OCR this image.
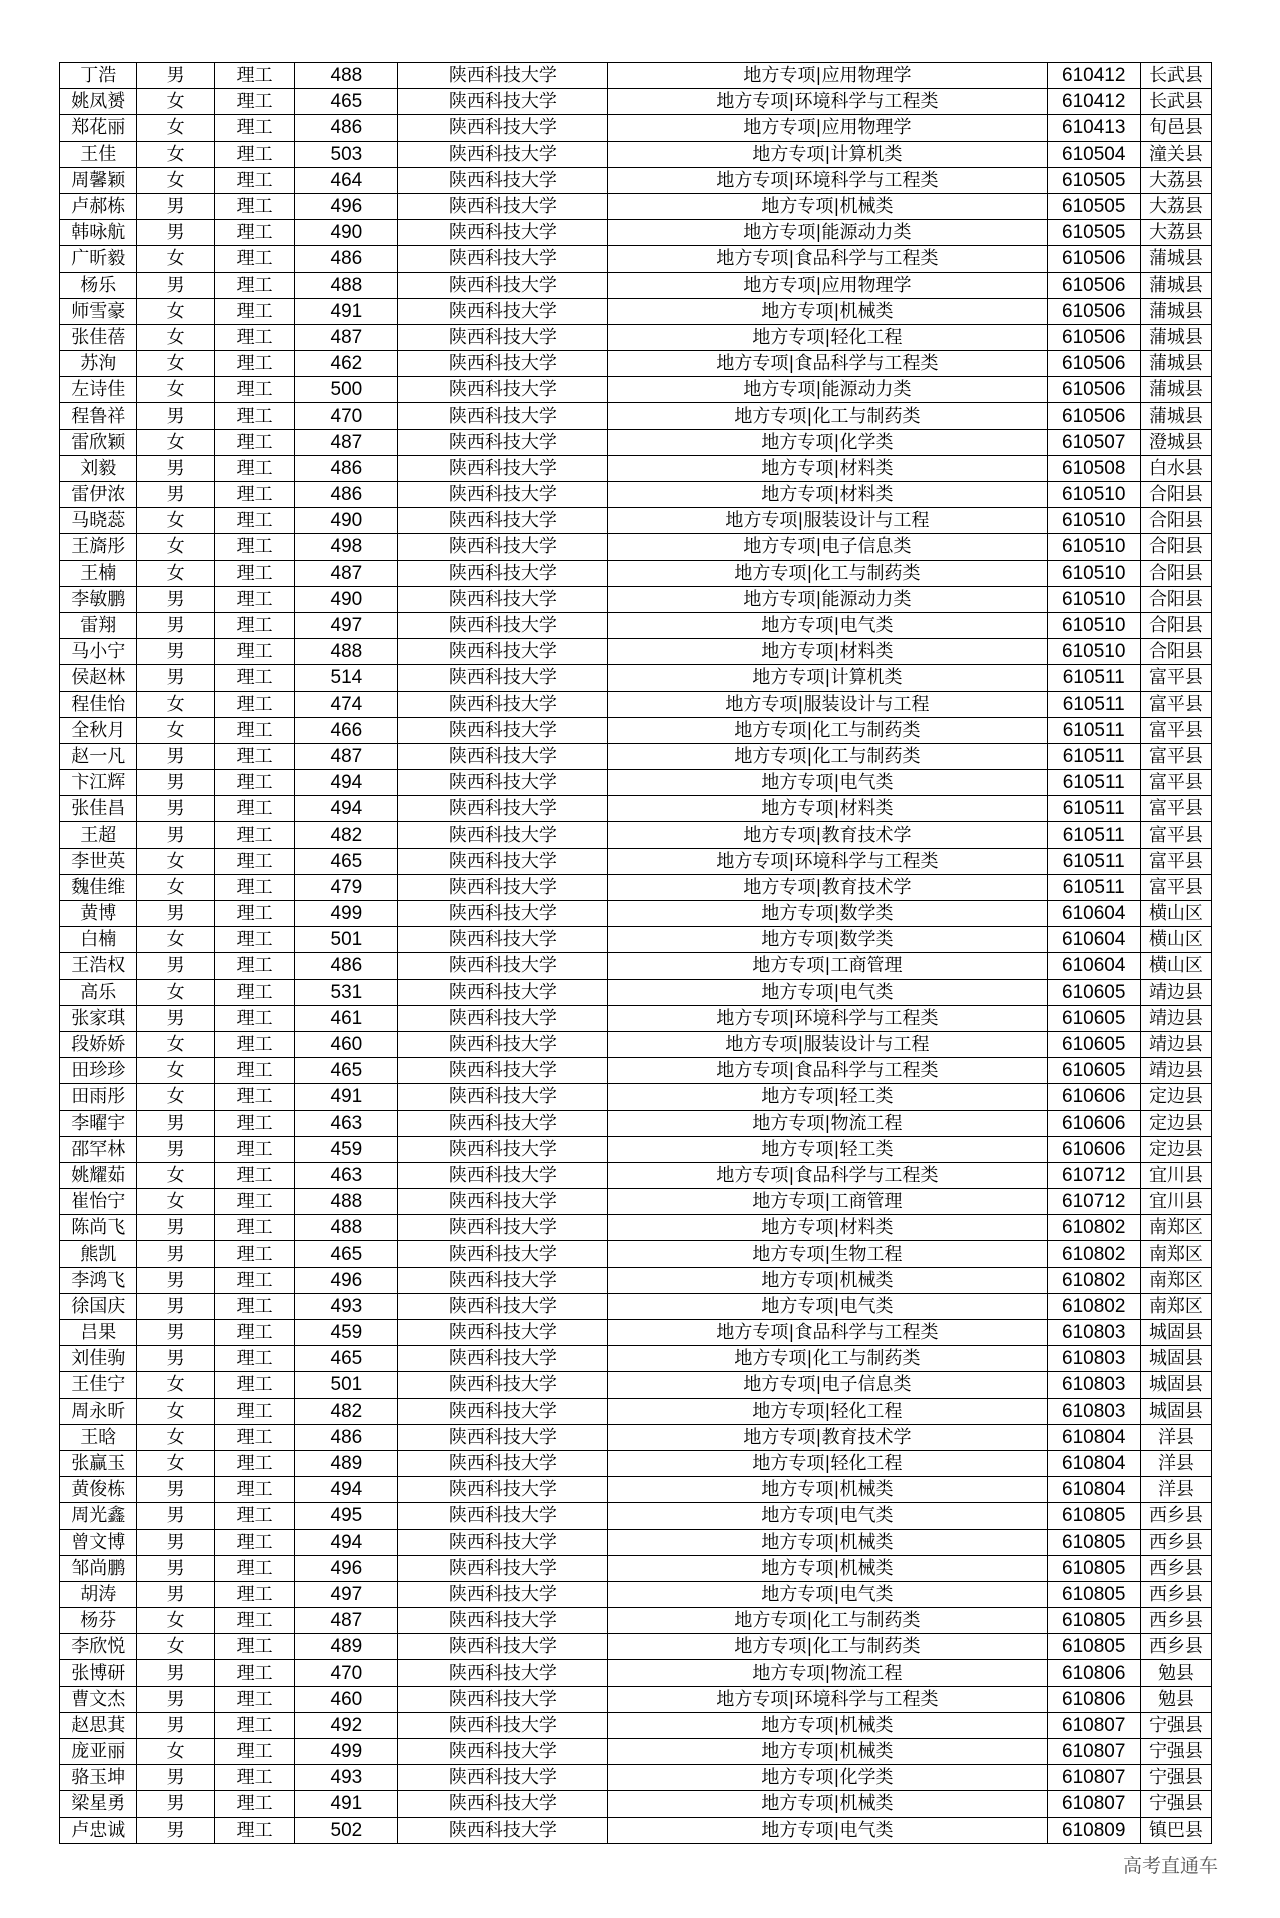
丁浩	男	理工	488	陕西科技大学	地方专项|应用物理学	610412	长武县
姚凤赟	女	理工	465	陕西科技大学	地方专项|环境科学与工程类	610412	长武县
郑花丽	女	理工	486	陕西科技大学	地方专项|应用物理学	610413	旬邑县
王佳	女	理工	503	陕西科技大学	地方专项|计算机类	610504	潼关县
周馨颖	女	理工	464	陕西科技大学	地方专项|环境科学与工程类	610505	大荔县
卢郝栋	男	理工	496	陕西科技大学	地方专项|机械类	610505	大荔县
韩咏航	男	理工	490	陕西科技大学	地方专项|能源动力类	610505	大荔县
广昕毅	女	理工	486	陕西科技大学	地方专项|食品科学与工程类	610506	蒲城县
杨乐	男	理工	488	陕西科技大学	地方专项|应用物理学	610506	蒲城县
师雪豪	女	理工	491	陕西科技大学	地方专项|机械类	610506	蒲城县
张佳蓓	女	理工	487	陕西科技大学	地方专项|轻化工程	610506	蒲城县
苏洵	女	理工	462	陕西科技大学	地方专项|食品科学与工程类	610506	蒲城县
左诗佳	女	理工	500	陕西科技大学	地方专项|能源动力类	610506	蒲城县
程鲁祥	男	理工	470	陕西科技大学	地方专项|化工与制药类	610506	蒲城县
雷欣颖	女	理工	487	陕西科技大学	地方专项|化学类	610507	澄城县
刘毅	男	理工	486	陕西科技大学	地方专项|材料类	610508	白水县
雷伊浓	男	理工	486	陕西科技大学	地方专项|材料类	610510	合阳县
马晓蕊	女	理工	490	陕西科技大学	地方专项|服装设计与工程	610510	合阳县
王旖彤	女	理工	498	陕西科技大学	地方专项|电子信息类	610510	合阳县
王楠	女	理工	487	陕西科技大学	地方专项|化工与制药类	610510	合阳县
李敏鹏	男	理工	490	陕西科技大学	地方专项|能源动力类	610510	合阳县
雷翔	男	理工	497	陕西科技大学	地方专项|电气类	610510	合阳县
马小宁	男	理工	488	陕西科技大学	地方专项|材料类	610510	合阳县
侯赵林	男	理工	514	陕西科技大学	地方专项|计算机类	610511	富平县
程佳怡	女	理工	474	陕西科技大学	地方专项|服装设计与工程	610511	富平县
全秋月	女	理工	466	陕西科技大学	地方专项|化工与制药类	610511	富平县
赵一凡	男	理工	487	陕西科技大学	地方专项|化工与制药类	610511	富平县
卞江辉	男	理工	494	陕西科技大学	地方专项|电气类	610511	富平县
张佳昌	男	理工	494	陕西科技大学	地方专项|材料类	610511	富平县
王超	男	理工	482	陕西科技大学	地方专项|教育技术学	610511	富平县
李世英	女	理工	465	陕西科技大学	地方专项|环境科学与工程类	610511	富平县
魏佳维	女	理工	479	陕西科技大学	地方专项|教育技术学	610511	富平县
黄博	男	理工	499	陕西科技大学	地方专项|数学类	610604	横山区
白楠	女	理工	501	陕西科技大学	地方专项|数学类	610604	横山区
王浩权	男	理工	486	陕西科技大学	地方专项|工商管理	610604	横山区
高乐	女	理工	531	陕西科技大学	地方专项|电气类	610605	靖边县
张家琪	男	理工	461	陕西科技大学	地方专项|环境科学与工程类	610605	靖边县
段娇娇	女	理工	460	陕西科技大学	地方专项|服装设计与工程	610605	靖边县
田珍珍	女	理工	465	陕西科技大学	地方专项|食品科学与工程类	610605	靖边县
田雨彤	女	理工	491	陕西科技大学	地方专项|轻工类	610606	定边县
李曜宇	男	理工	463	陕西科技大学	地方专项|物流工程	610606	定边县
邵罕林	男	理工	459	陕西科技大学	地方专项|轻工类	610606	定边县
姚耀茹	女	理工	463	陕西科技大学	地方专项|食品科学与工程类	610712	宜川县
崔怡宁	女	理工	488	陕西科技大学	地方专项|工商管理	610712	宜川县
陈尚飞	男	理工	488	陕西科技大学	地方专项|材料类	610802	南郑区
熊凯	男	理工	465	陕西科技大学	地方专项|生物工程	610802	南郑区
李鸿飞	男	理工	496	陕西科技大学	地方专项|机械类	610802	南郑区
徐国庆	男	理工	493	陕西科技大学	地方专项|电气类	610802	南郑区
吕果	男	理工	459	陕西科技大学	地方专项|食品科学与工程类	610803	城固县
刘佳驹	男	理工	465	陕西科技大学	地方专项|化工与制药类	610803	城固县
王佳宁	女	理工	501	陕西科技大学	地方专项|电子信息类	610803	城固县
周永昕	女	理工	482	陕西科技大学	地方专项|轻化工程	610803	城固县
王晗	女	理工	486	陕西科技大学	地方专项|教育技术学	610804	洋县
张赢玉	女	理工	489	陕西科技大学	地方专项|轻化工程	610804	洋县
黄俊栋	男	理工	494	陕西科技大学	地方专项|机械类	610804	洋县
周光鑫	男	理工	495	陕西科技大学	地方专项|电气类	610805	西乡县
曾文博	男	理工	494	陕西科技大学	地方专项|机械类	610805	西乡县
邹尚鹏	男	理工	496	陕西科技大学	地方专项|机械类	610805	西乡县
胡涛	男	理工	497	陕西科技大学	地方专项|电气类	610805	西乡县
杨芬	女	理工	487	陕西科技大学	地方专项|化工与制药类	610805	西乡县
李欣悦	女	理工	489	陕西科技大学	地方专项|化工与制药类	610805	西乡县
张博研	男	理工	470	陕西科技大学	地方专项|物流工程	610806	勉县
曹文杰	男	理工	460	陕西科技大学	地方专项|环境科学与工程类	610806	勉县
赵思萁	男	理工	492	陕西科技大学	地方专项|机械类	610807	宁强县
庞亚丽	女	理工	499	陕西科技大学	地方专项|机械类	610807	宁强县
骆玉坤	男	理工	493	陕西科技大学	地方专项|化学类	610807	宁强县
梁星勇	男	理工	491	陕西科技大学	地方专项|机械类	610807	宁强县
卢忠诚	男	理工	502	陕西科技大学	地方专项|电气类	610809	镇巴县
高考直通车
